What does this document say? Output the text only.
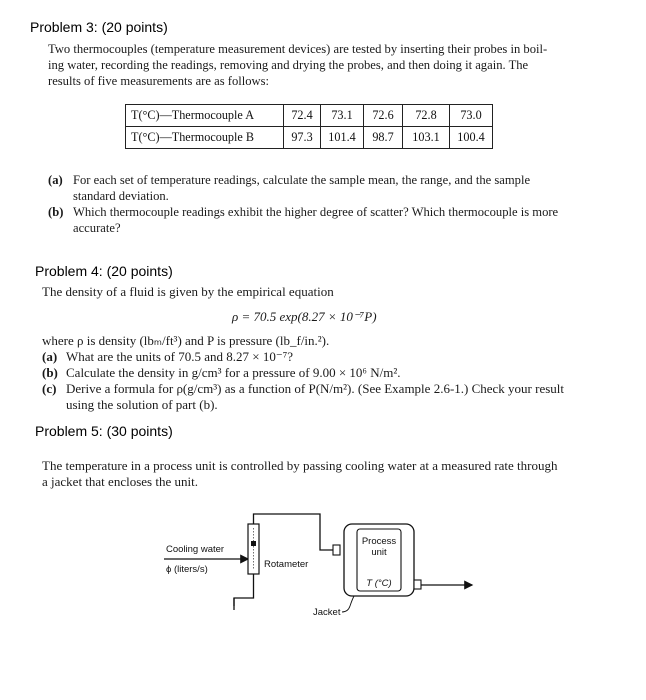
Problem 3: (20 points)
Two thermocouples (temperature measurement devices) are tested by inserting their probes in boil-
ing water, recording the readings, removing and drying the probes, and then doing it again. The
results of five measurements are as follows:
T(°C)—Thermocouple A	72.4	73.1	72.6	72.8	73.0
T(°C)—Thermocouple B	97.3	101.4	98.7	103.1	100.4
(a) For each set of temperature readings, calculate the sample mean, the range, and the sample
standard deviation.
(b) Which thermocouple readings exhibit the higher degree of scatter? Which thermocouple is more
accurate?
Problem 4: (20 points)
The density of a fluid is given by the empirical equation
ρ = 70.5 exp(8.27 × 10⁻⁷P)
where ρ is density (lbₘ/ft³) and P is pressure (lb_f/in.²).
(a) What are the units of 70.5 and 8.27 × 10⁻⁷?
(b) Calculate the density in g/cm³ for a pressure of 9.00 × 10⁶ N/m².
(c) Derive a formula for ρ(g/cm³) as a function of P(N/m²). (See Example 2.6-1.) Check your result
using the solution of part (b).
Problem 5: (30 points)
The temperature in a process unit is controlled by passing cooling water at a measured rate through
a jacket that encloses the unit.
Cooling water
ϕ (liters/s)	Rotameter
Process
unit
T (°C)
Jacket
